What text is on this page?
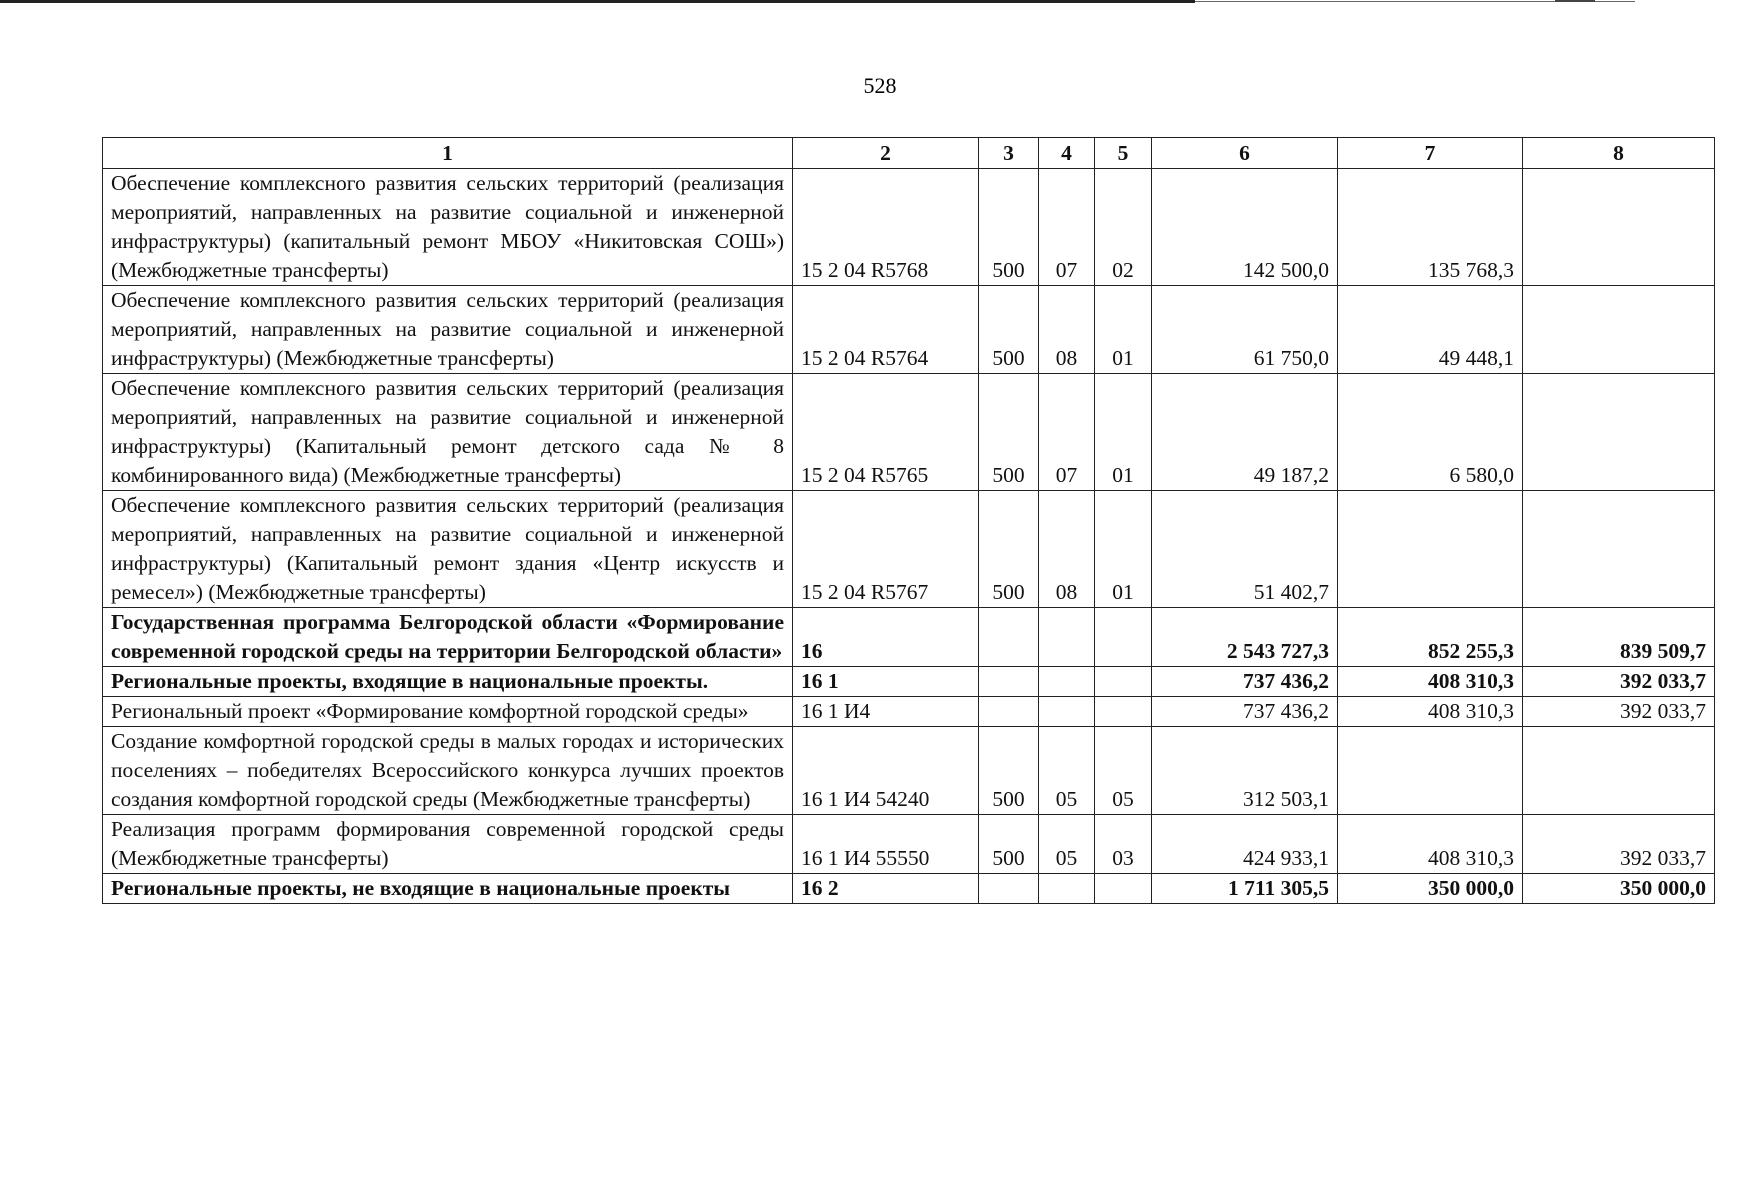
528
1	2	3	4	5	6	7	8
Обеспечение комплексного развития сельских территорий (реализация мероприятий, направленных на развитие социальной и инженерной инфраструктуры) (капитальный ремонт МБОУ «Никитовская СОШ») (Межбюджетные трансферты)	15 2 04 R5768	500	07	02	142 500,0	135 768,3	
Обеспечение комплексного развития сельских территорий (реализация мероприятий, направленных на развитие социальной и инженерной инфраструктуры) (Межбюджетные трансферты)	15 2 04 R5764	500	08	01	61 750,0	49 448,1	
Обеспечение комплексного развития сельских территорий (реализация мероприятий, направленных на развитие социальной и инженерной инфраструктуры) (Капитальный ремонт детского сада № 8 комбинированного вида) (Межбюджетные трансферты)	15 2 04 R5765	500	07	01	49 187,2	6 580,0	
Обеспечение комплексного развития сельских территорий (реализация мероприятий, направленных на развитие социальной и инженерной инфраструктуры) (Капитальный ремонт здания «Центр искусств и ремесел») (Межбюджетные трансферты)	15 2 04 R5767	500	08	01	51 402,7		
Государственная программа Белгородской области «Формирование современной городской среды на территории Белгородской области»	16				2 543 727,3	852 255,3	839 509,7
Региональные проекты, входящие в национальные проекты.	16 1				737 436,2	408 310,3	392 033,7
Региональный проект «Формирование комфортной городской среды»	16 1 И4				737 436,2	408 310,3	392 033,7
Создание комфортной городской среды в малых городах и исторических поселениях – победителях Всероссийского конкурса лучших проектов создания комфортной городской среды (Межбюджетные трансферты)	16 1 И4 54240	500	05	05	312 503,1		
Реализация программ формирования современной городской среды (Межбюджетные трансферты)	16 1 И4 55550	500	05	03	424 933,1	408 310,3	392 033,7
Региональные проекты, не входящие в национальные проекты	16 2				1 711 305,5	350 000,0	350 000,0
